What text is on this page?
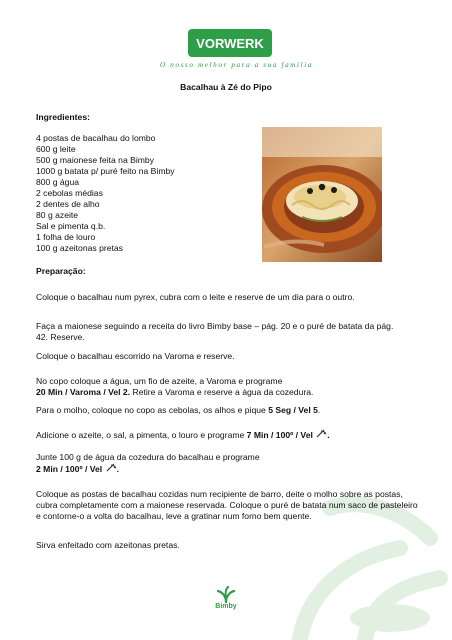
VORWERK
O nosso melhor para a sua família
Bacalhau à Zé do Pipo
Ingredientes:
4 postas de bacalhau do lombo
600 g leite
500 g maionese feita na Bimby
1000 g batata p/ puré feito na Bimby
800 g água
2 cebolas médias
2 dentes de alho
80 g azeite
Sal e pimenta q.b.
1 folha de louro
100 g azeitonas pretas
Preparação:
Coloque o bacalhau num pyrex, cubra com o leite e reserve de um dia para o outro.
Faça a maionese seguindo a receita do livro Bimby base – pág. 20 e o puré de batata da pág. 42. Reserve.
Coloque o bacalhau escorrido na Varoma e reserve.
No copo coloque a água, um fio de azeite, a Varoma e programe
20 Min / Varoma / Vel 2. Retire a Varoma e reserve a água da cozedura.
Para o molho, coloque no copo as cebolas, os alhos e pique 5 Seg / Vel 5.
Adicione o azeite, o sal, a pimenta, o louro e programe 7 Min / 100º / Vel .
Junte 100 g de água da cozedura do bacalhau e programe
2 Min / 100º / Vel .
Coloque as postas de bacalhau cozidas num recipiente de barro, deite o molho sobre as postas, cubra completamente com a maionese reservada. Coloque o puré de batata num saco de pasteleiro e contorne-o a volta do bacalhau, leve a gratinar num forno bem quente.
Sirva enfeitado com azeitonas pretas.
Bimby
